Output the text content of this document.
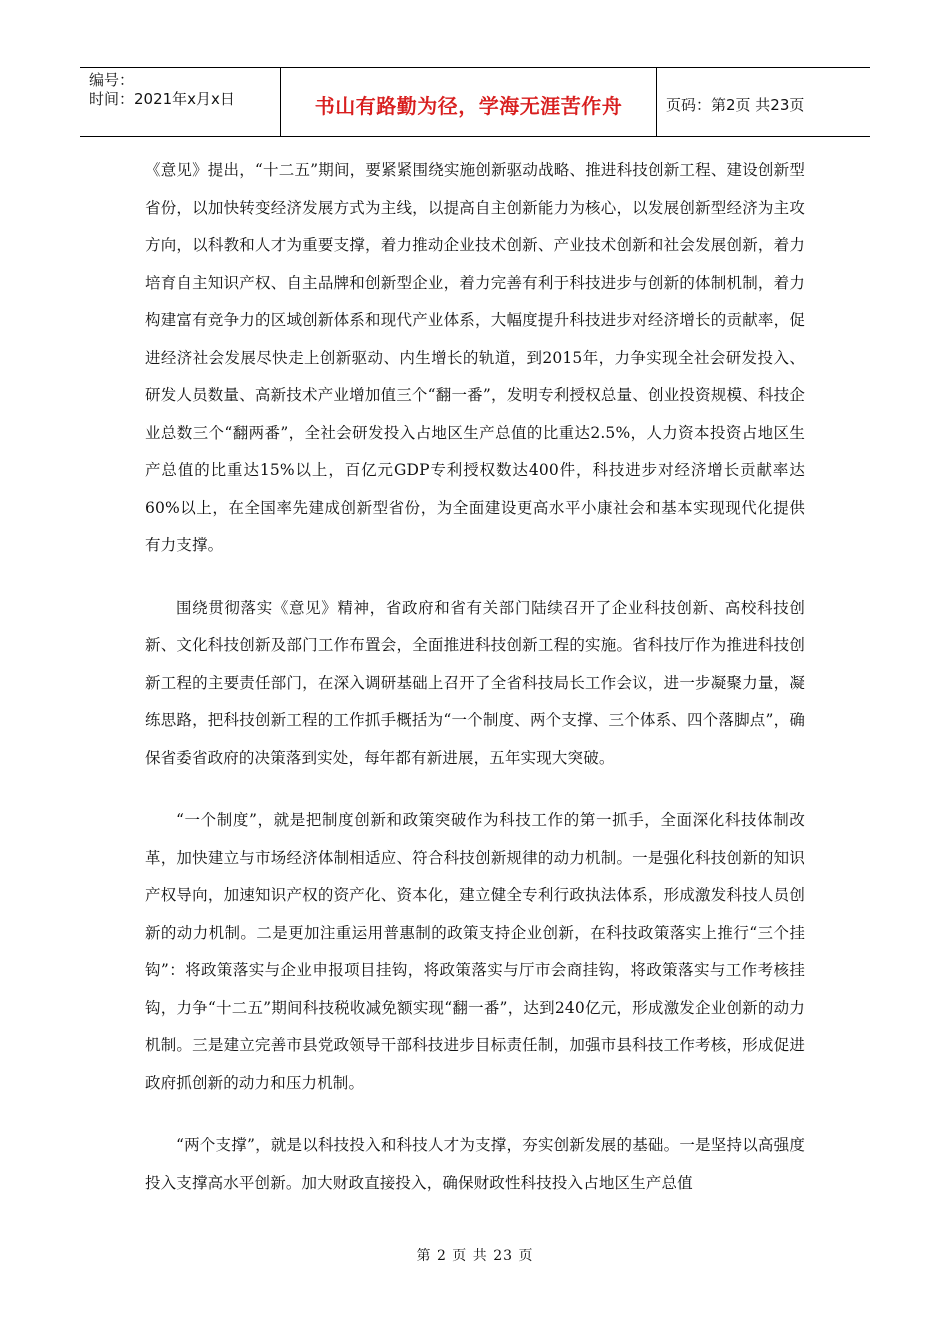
编号：
时间：2021年x月x日	书山有路勤为径，学海无涯苦作舟	页码：第2页 共23页

《意见》提出，“十二五”期间，要紧紧围绕实施创新驱动战略、推进科技创新工程、建设创新型省份，以加快转变经济发展方式为主线，以提高自主创新能力为核心，以发展创新型经济为主攻方向，以科教和人才为重要支撑，着力推动企业技术创新、产业技术创新和社会发展创新，着力培育自主知识产权、自主品牌和创新型企业，着力完善有利于科技进步与创新的体制机制，着力构建富有竞争力的区域创新体系和现代产业体系，大幅度提升科技进步对经济增长的贡献率，促进经济社会发展尽快走上创新驱动、内生增长的轨道，到2015年，力争实现全社会研发投入、研发人员数量、高新技术产业增加值三个“翻一番”，发明专利授权总量、创业投资规模、科技企业总数三个“翻两番”，全社会研发投入占地区生产总值的比重达2.5%，人力资本投资占地区生产总值的比重达15%以上，百亿元GDP专利授权数达400件，科技进步对经济增长贡献率达60%以上，在全国率先建成创新型省份，为全面建设更高水平小康社会和基本实现现代化提供有力支撑。

围绕贯彻落实《意见》精神，省政府和省有关部门陆续召开了企业科技创新、高校科技创新、文化科技创新及部门工作布置会，全面推进科技创新工程的实施。省科技厅作为推进科技创新工程的主要责任部门，在深入调研基础上召开了全省科技局长工作会议，进一步凝聚力量，凝练思路，把科技创新工程的工作抓手概括为“一个制度、两个支撑、三个体系、四个落脚点”，确保省委省政府的决策落到实处，每年都有新进展，五年实现大突破。

“一个制度”，就是把制度创新和政策突破作为科技工作的第一抓手，全面深化科技体制改革，加快建立与市场经济体制相适应、符合科技创新规律的动力机制。一是强化科技创新的知识产权导向，加速知识产权的资产化、资本化，建立健全专利行政执法体系，形成激发科技人员创新的动力机制。二是更加注重运用普惠制的政策支持企业创新，在科技政策落实上推行“三个挂钩”：将政策落实与企业申报项目挂钩，将政策落实与厅市会商挂钩，将政策落实与工作考核挂钩，力争“十二五”期间科技税收减免额实现“翻一番”，达到240亿元，形成激发企业创新的动力机制。三是建立完善市县党政领导干部科技进步目标责任制，加强市县科技工作考核，形成促进政府抓创新的动力和压力机制。

“两个支撑”，就是以科技投入和科技人才为支撑，夯实创新发展的基础。一是坚持以高强度投入支撑高水平创新。加大财政直接投入，确保财政性科技投入占地区生产总值

第 2 页 共 23 页
